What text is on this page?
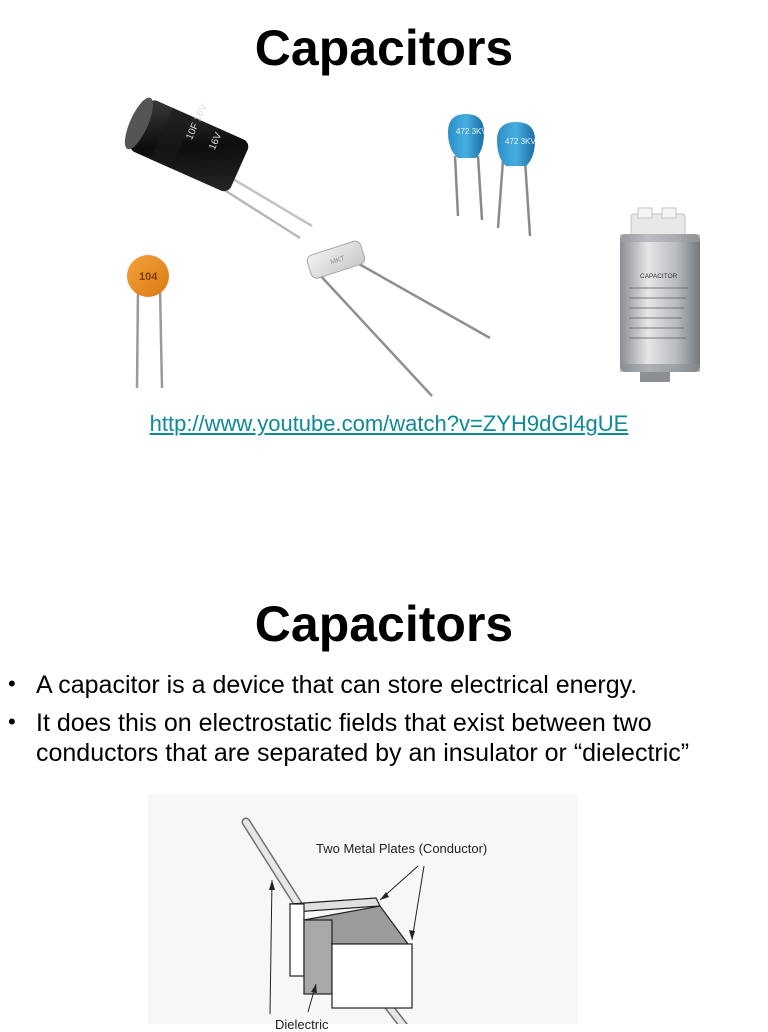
Capacitors
10F 16V
16V	472 3KV
472 3KV
104
MKT
CAPACITOR
http://www.youtube.com/watch?v=ZYH9dGl4gUE
Capacitors
• A capacitor is a device that can store electrical energy.
• It does this on electrostatic fields that exist between two conductors that are separated by an insulator or “dielectric”
Two Metal Plates (Conductor)
Dielectric
